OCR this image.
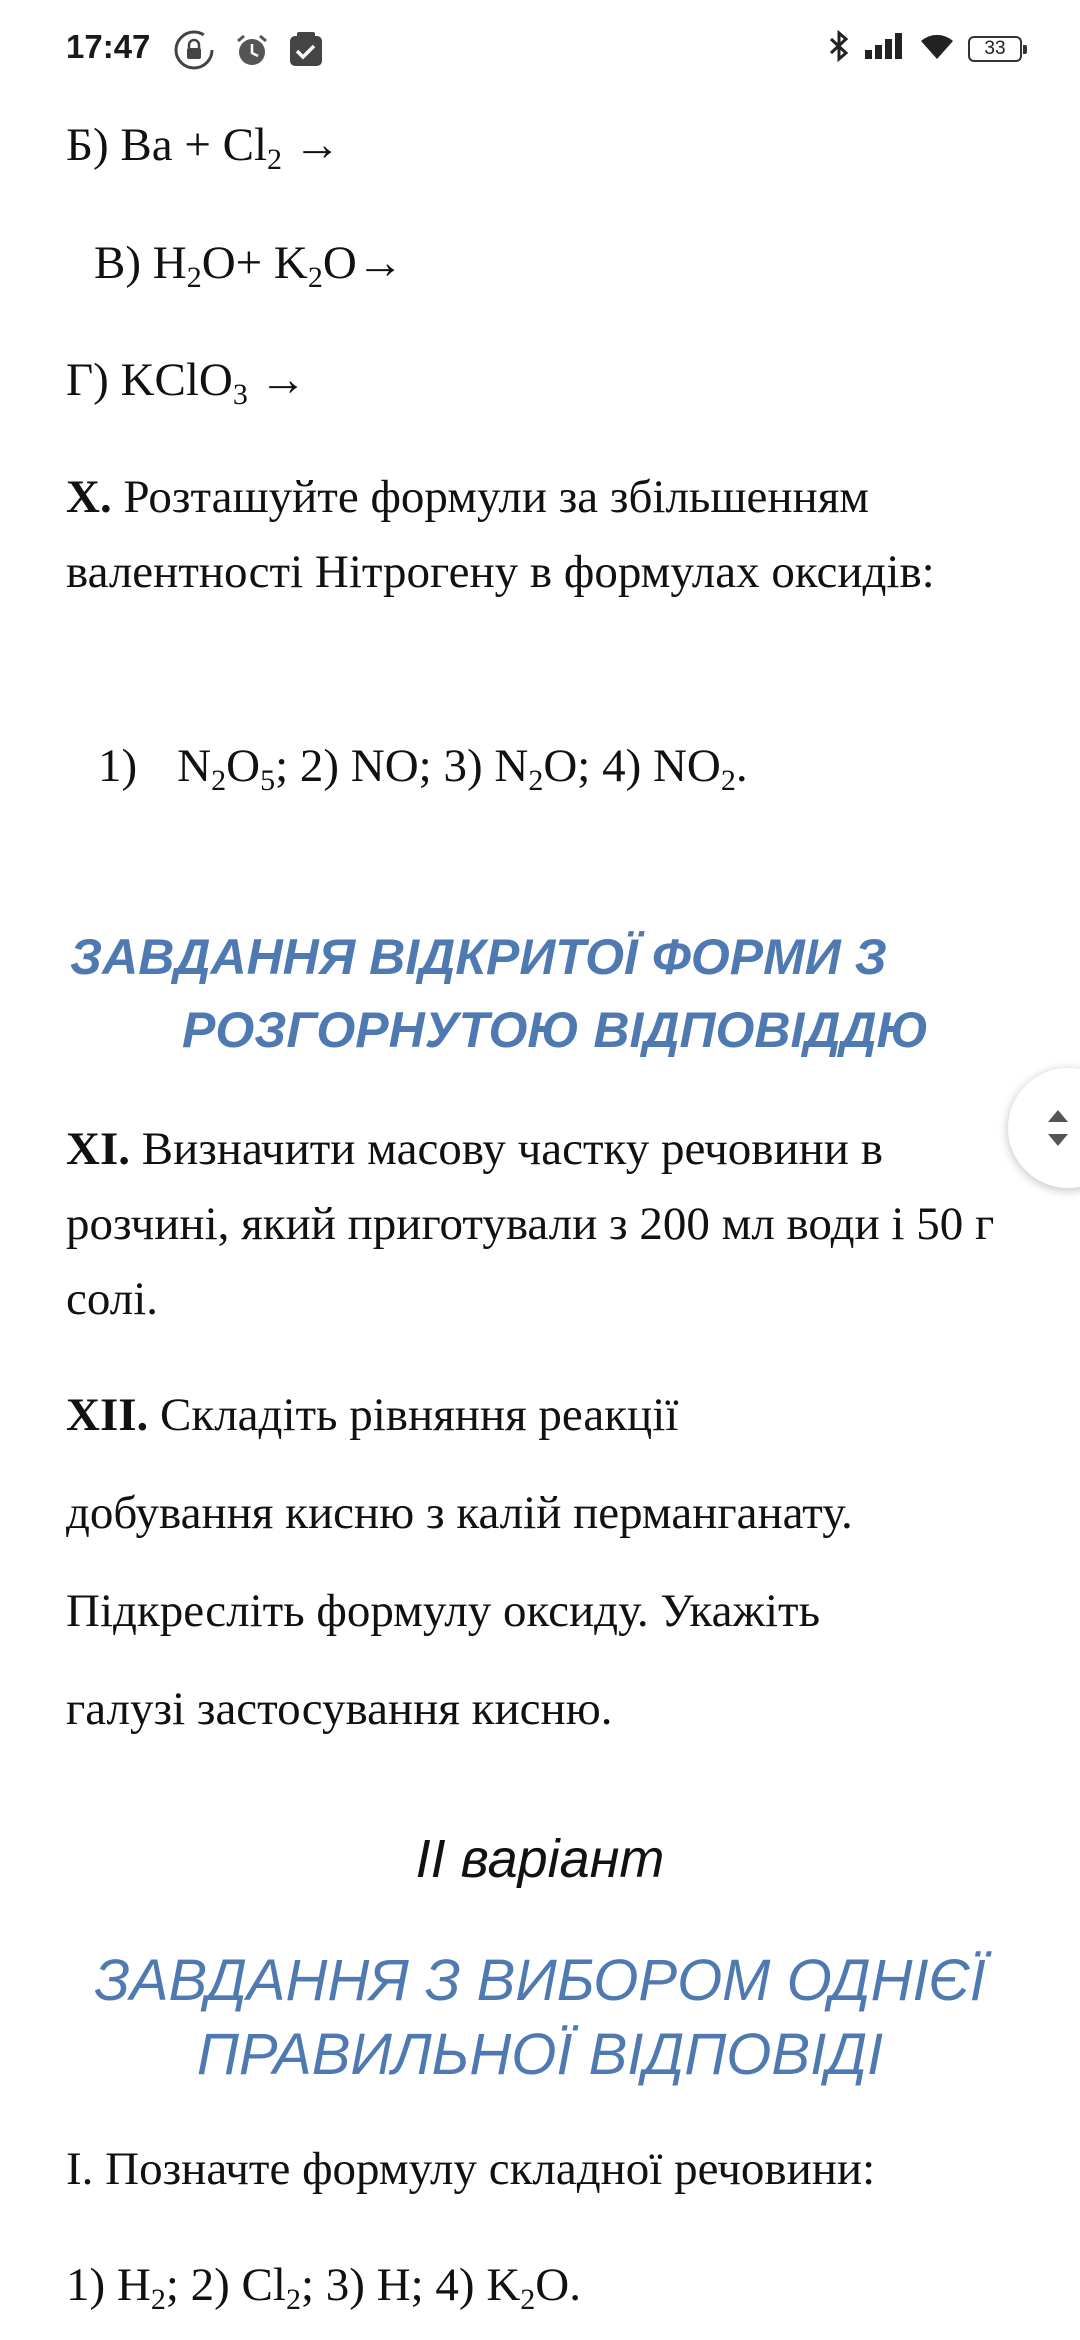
17:47	33
Б) Ва + $Cl_2$ →
В) $H_2O+ K_2O\to$
Г) KClO$_3$ →
Х. Розташуйте формули за збільшенням валентності Нітрогену в формулах оксидів:
1) $N_2O_5$; 2) NO; 3) $N_2O$; 4) $NO_2$.
ЗАВДАННЯ ВІДКРИТОЇ ФОРМИ З
РОЗГОРНУТОЮ ВІДПОВІДДЮ
ХІ. Визначити масову частку речовини в розчині, який приготували з 200 мл води і 50 г солі.
ХІІ. Складіть рівняння реакції
добування кисню з калій перманганату.
Підкресліть формулу оксиду. Укажіть
галузі застосування кисню.
II варіант
ЗАВДАННЯ З ВИБОРОМ ОДНІЄЇ
ПРАВИЛЬНОЇ ВІДПОВІДІ
І. Позначте формулу складної речовини:
1) $H_2$; 2) $Cl_2$; 3) H; 4) $K_2O$.
